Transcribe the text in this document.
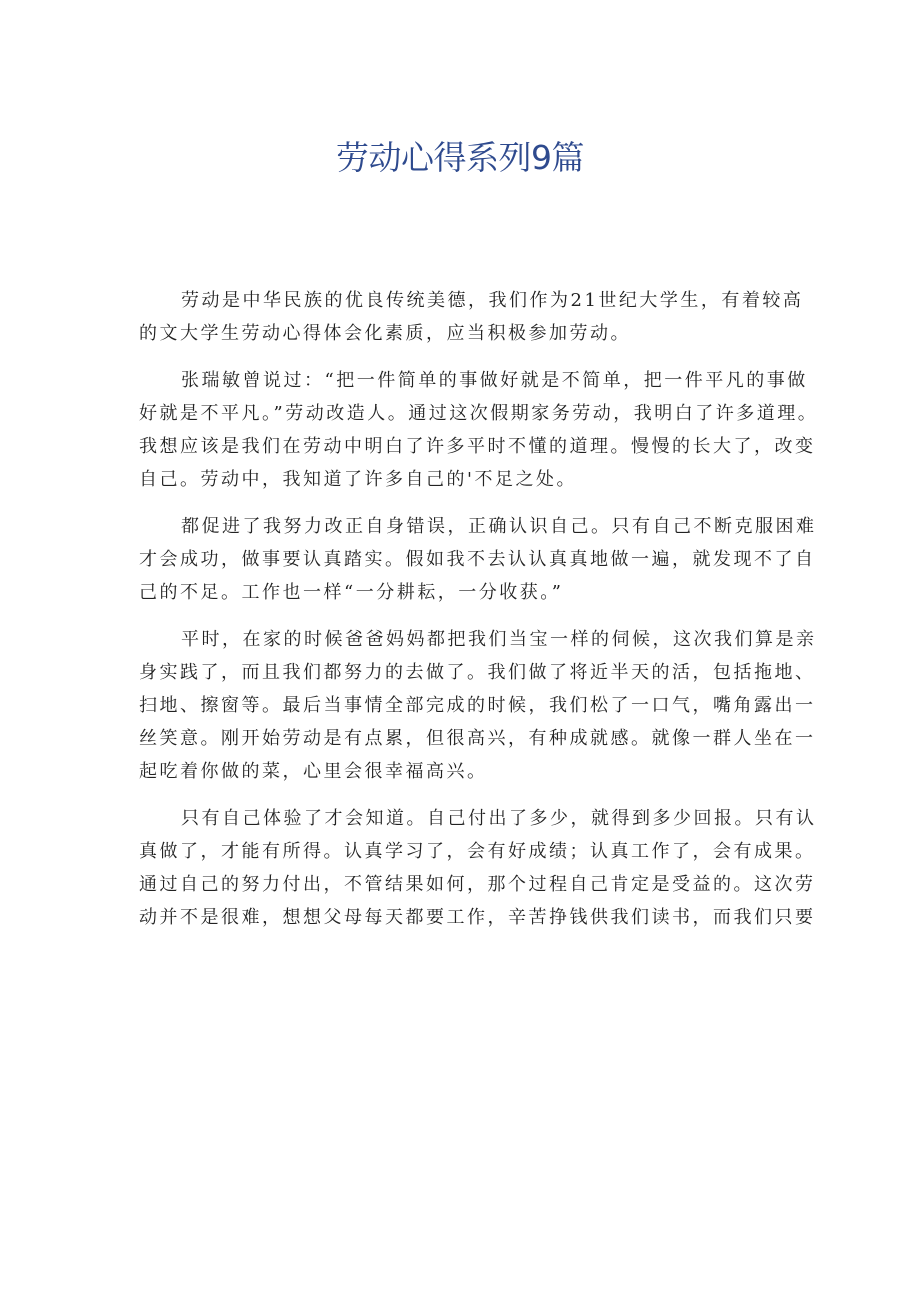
劳动心得系列9篇
劳动是中华民族的优良传统美德，我们作为21世纪大学生，有着较高
的文大学生劳动心得体会化素质，应当积极参加劳动。
张瑞敏曾说过：“把一件简单的事做好就是不简单，把一件平凡的事做
好就是不平凡。”劳动改造人。通过这次假期家务劳动，我明白了许多道理。
我想应该是我们在劳动中明白了许多平时不懂的道理。慢慢的长大了，改变
自己。劳动中，我知道了许多自己的'不足之处。
都促进了我努力改正自身错误，正确认识自己。只有自己不断克服困难
才会成功，做事要认真踏实。假如我不去认认真真地做一遍，就发现不了自
己的不足。工作也一样“一分耕耘，一分收获。”
平时，在家的时候爸爸妈妈都把我们当宝一样的伺候，这次我们算是亲
身实践了，而且我们都努力的去做了。我们做了将近半天的活，包括拖地、
扫地、擦窗等。最后当事情全部完成的时候，我们松了一口气，嘴角露出一
丝笑意。刚开始劳动是有点累，但很高兴，有种成就感。就像一群人坐在一
起吃着你做的菜，心里会很幸福高兴。
只有自己体验了才会知道。自己付出了多少，就得到多少回报。只有认
真做了，才能有所得。认真学习了，会有好成绩；认真工作了，会有成果。
通过自己的努力付出，不管结果如何，那个过程自己肯定是受益的。这次劳
动并不是很难，想想父母每天都要工作，辛苦挣钱供我们读书，而我们只要
